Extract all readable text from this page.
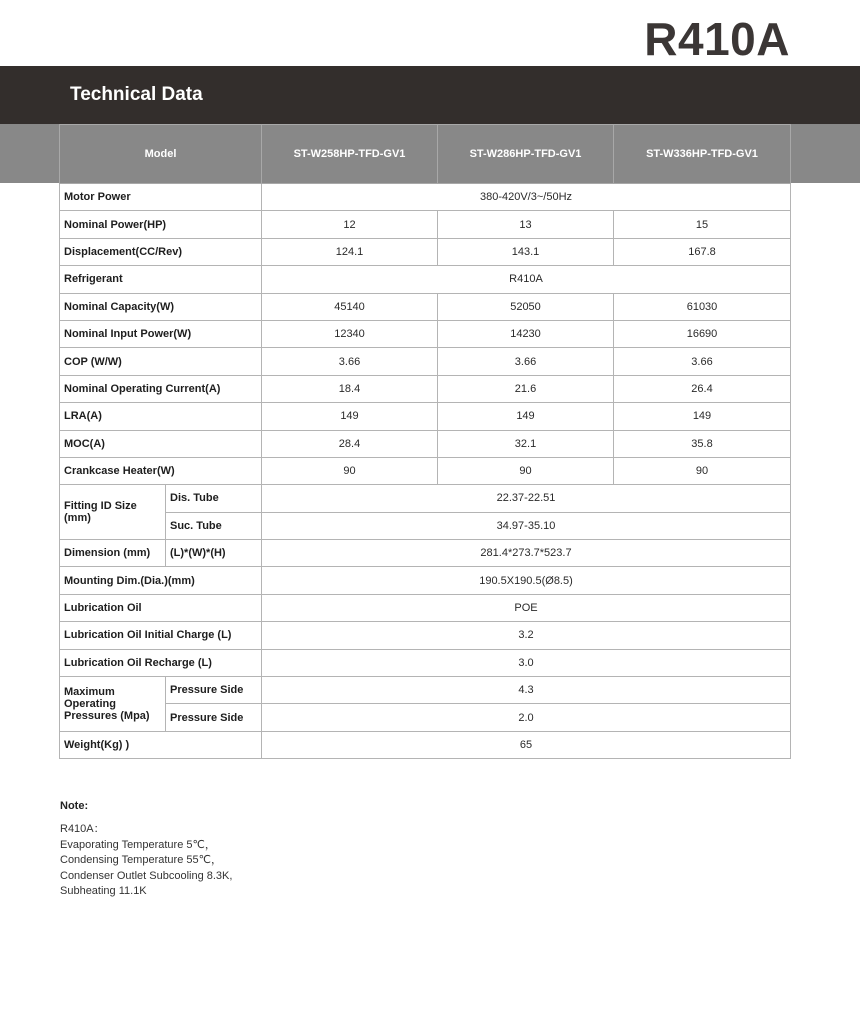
R410A
Technical Data
Model		ST-W258HP-TFD-GV1	ST-W286HP-TFD-GV1	ST-W336HP-TFD-GV1
Motor Power		380-420V/3~/50Hz		
Nominal Power(HP)		12	13	15
Displacement(CC/Rev)		124.1	143.1	167.8
Refrigerant		R410A		
Nominal Capacity(W)		45140	52050	61030
Nominal Input Power(W)		12340	14230	16690
COP (W/W)		3.66	3.66	3.66
Nominal Operating Current(A)		18.4	21.6	26.4
LRA(A)		149	149	149
MOC(A)		28.4	32.1	35.8
Crankcase Heater(W)		90	90	90
Fitting ID Size (mm)	Dis. Tube	22.37-22.51		
	Suc. Tube	34.97-35.10		
Dimension (mm)	(L)*(W)*(H)	281.4*273.7*523.7		
Mounting Dim.(Dia.)(mm)		190.5X190.5(Ø8.5)		
Lubrication Oil		POE		
Lubrication Oil Initial Charge (L)		3.2		
Lubrication Oil Recharge (L)		3.0		
Maximum Operating Pressures (Mpa)	Pressure Side	4.3		
	Pressure Side	2.0		
Weight(Kg) )		65		
Note:
R410A：
Evaporating Temperature 5℃，
Condensing Temperature 55℃，
Condenser Outlet Subcooling 8.3K,
Subheating 11.1K
